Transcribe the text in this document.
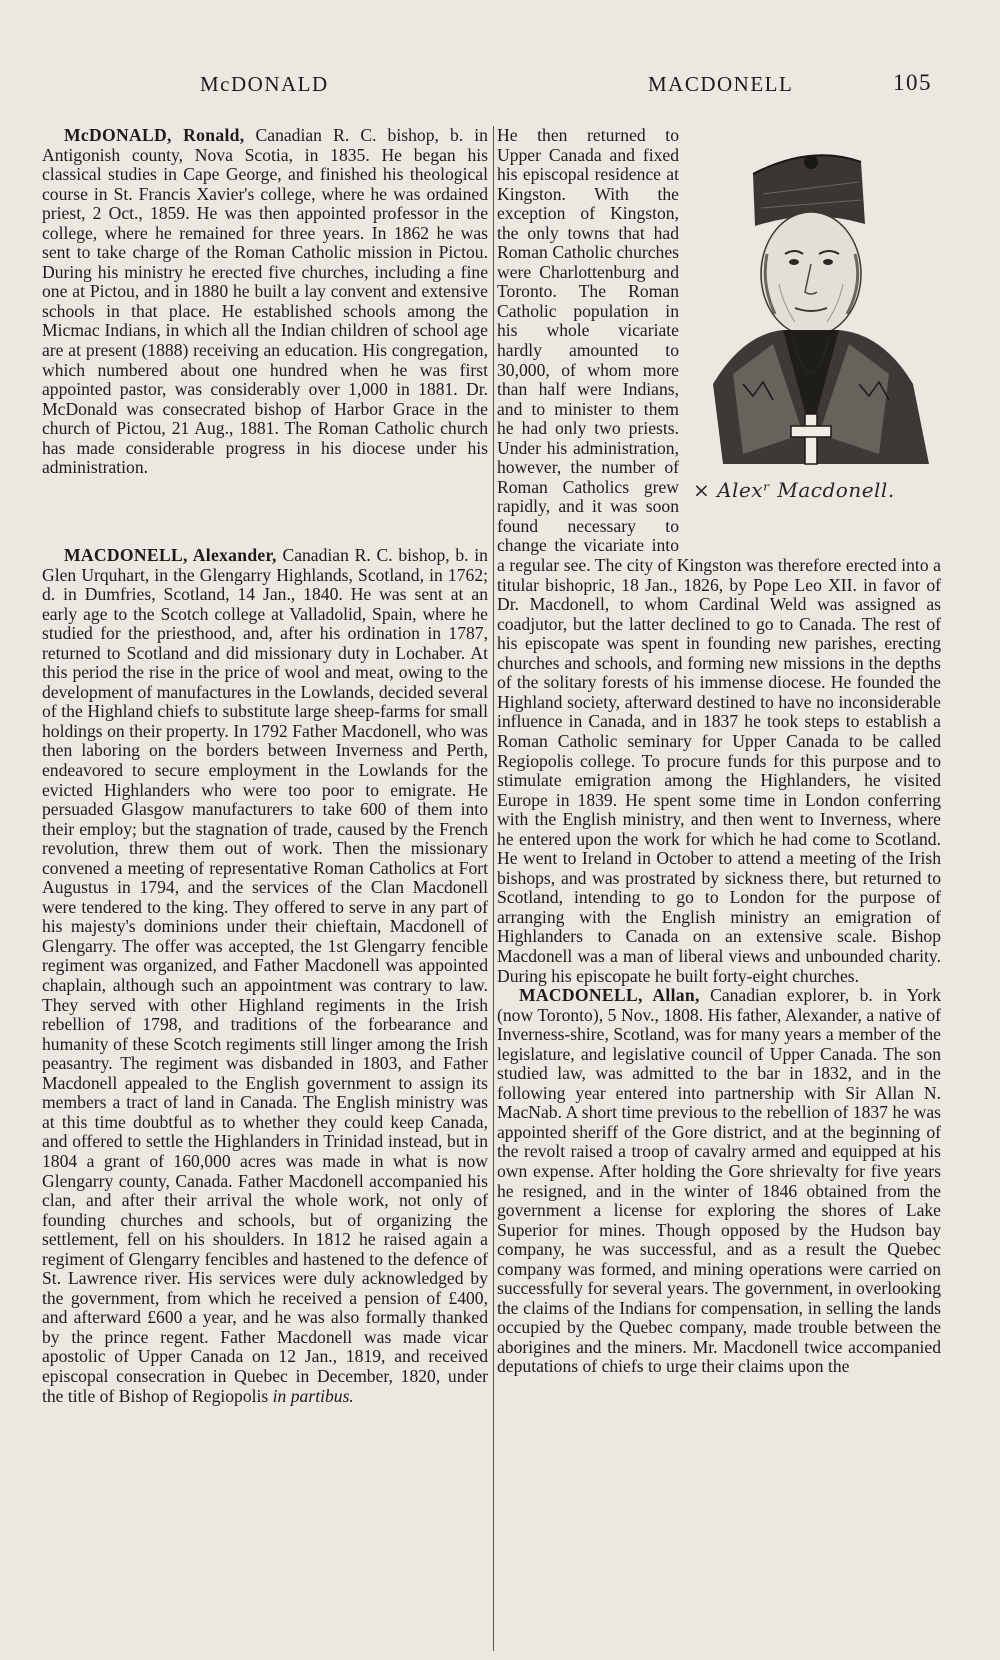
McDONALD	MACDONELL	105

McDONALD, Ronald, Canadian R. C. bishop, b. in Antigonish county, Nova Scotia, in 1835. He began his classical studies in Cape George, and finished his theological course in St. Francis Xavier's college, where he was ordained priest, 2 Oct., 1859. He was then appointed professor in the college, where he remained for three years. In 1862 he was sent to take charge of the Roman Catholic mission in Pictou. During his ministry he erected five churches, including a fine one at Pictou, and in 1880 he built a lay convent and extensive schools in that place. He established schools among the Micmac Indians, in which all the Indian children of school age are at present (1888) receiving an education. His congregation, which numbered about one hundred when he was first appointed pastor, was considerably over 1,000 in 1881. Dr. McDonald was consecrated bishop of Harbor Grace in the church of Pictou, 21 Aug., 1881. The Roman Catholic church has made considerable progress in his diocese under his administration.

× Alexʳ Macdonell.

He then returned to Upper Canada and fixed his episcopal residence at Kingston. With the exception of Kingston, the only towns that had Roman Catholic churches were Charlottenburg and Toronto. The Roman Catholic population in his whole vicariate hardly amounted to 30,000, of whom more than half were Indians, and to minister to them he had only two priests. Under his administration, however, the number of Roman Catholics grew rapidly, and it was soon found necessary to change the vicariate into a regular see. The city of Kingston was therefore erected into a titular bishopric, 18 Jan., 1826, by Pope Leo XII. in favor of Dr. Macdonell, to whom Cardinal Weld was assigned as coadjutor, but the latter declined to go to Canada. The rest of his episcopate was spent in founding new parishes, erecting churches and schools, and forming new missions in the depths of the solitary forests of his immense diocese. He founded the Highland society, afterward destined to have no inconsiderable influence in Canada, and in 1837 he took steps to establish a Roman Catholic seminary for Upper Canada to be called Regiopolis college. To procure funds for this purpose and to stimulate emigration among the Highlanders, he visited Europe in 1839. He spent some time in London conferring with the English ministry, and then went to Inverness, where he entered upon the work for which he had come to Scotland. He went to Ireland in October to attend a meeting of the Irish bishops, and was prostrated by sickness there, but returned to Scotland, intending to go to London for the purpose of arranging with the English ministry an emigration of Highlanders to Canada on an extensive scale. Bishop Macdonell was a man of liberal views and unbounded charity. During his episcopate he built forty-eight churches.

MACDONELL, Allan, Canadian explorer, b. in York (now Toronto), 5 Nov., 1808. His father, Alexander, a native of Inverness-shire, Scotland, was for many years a member of the legislature, and legislative council of Upper Canada. The son studied law, was admitted to the bar in 1832, and in the following year entered into partnership with Sir Allan N. MacNab. A short time previous to the rebellion of 1837 he was appointed sheriff of the Gore district, and at the beginning of the revolt raised a troop of cavalry armed and equipped at his own expense. After holding the Gore shrievalty for five years he resigned, and in the winter of 1846 obtained from the government a license for exploring the shores of Lake Superior for mines. Though opposed by the Hudson bay company, he was successful, and as a result the Quebec company was formed, and mining operations were carried on successfully for several years. The government, in overlooking the claims of the Indians for compensation, in selling the lands occupied by the Quebec company, made trouble between the aborigines and the miners. Mr. Macdonell twice accompanied deputations of chiefs to urge their claims upon the

MACDONELL, Alexander, Canadian R. C. bishop, b. in Glen Urquhart, in the Glengarry Highlands, Scotland, in 1762; d. in Dumfries, Scotland, 14 Jan., 1840. He was sent at an early age to the Scotch college at Valladolid, Spain, where he studied for the priesthood, and, after his ordination in 1787, returned to Scotland and did missionary duty in Lochaber. At this period the rise in the price of wool and meat, owing to the development of manufactures in the Lowlands, decided several of the Highland chiefs to substitute large sheep-farms for small holdings on their property. In 1792 Father Macdonell, who was then laboring on the borders between Inverness and Perth, endeavored to secure employment in the Lowlands for the evicted Highlanders who were too poor to emigrate. He persuaded Glasgow manufacturers to take 600 of them into their employ; but the stagnation of trade, caused by the French revolution, threw them out of work. Then the missionary convened a meeting of representative Roman Catholics at Fort Augustus in 1794, and the services of the Clan Macdonell were tendered to the king. They offered to serve in any part of his majesty's dominions under their chieftain, Macdonell of Glengarry. The offer was accepted, the 1st Glengarry fencible regiment was organized, and Father Macdonell was appointed chaplain, although such an appointment was contrary to law. They served with other Highland regiments in the Irish rebellion of 1798, and traditions of the forbearance and humanity of these Scotch regiments still linger among the Irish peasantry. The regiment was disbanded in 1803, and Father Macdonell appealed to the English government to assign its members a tract of land in Canada. The English ministry was at this time doubtful as to whether they could keep Canada, and offered to settle the Highlanders in Trinidad instead, but in 1804 a grant of 160,000 acres was made in what is now Glengarry county, Canada. Father Macdonell accompanied his clan, and after their arrival the whole work, not only of founding churches and schools, but of organizing the settlement, fell on his shoulders. In 1812 he raised again a regiment of Glengarry fencibles and hastened to the defence of St. Lawrence river. His services were duly acknowledged by the government, from which he received a pension of £400, and afterward £600 a year, and he was also formally thanked by the prince regent. Father Macdonell was made vicar apostolic of Upper Canada on 12 Jan., 1819, and received episcopal consecration in Quebec in December, 1820, under the title of Bishop of Regiopolis in partibus.
